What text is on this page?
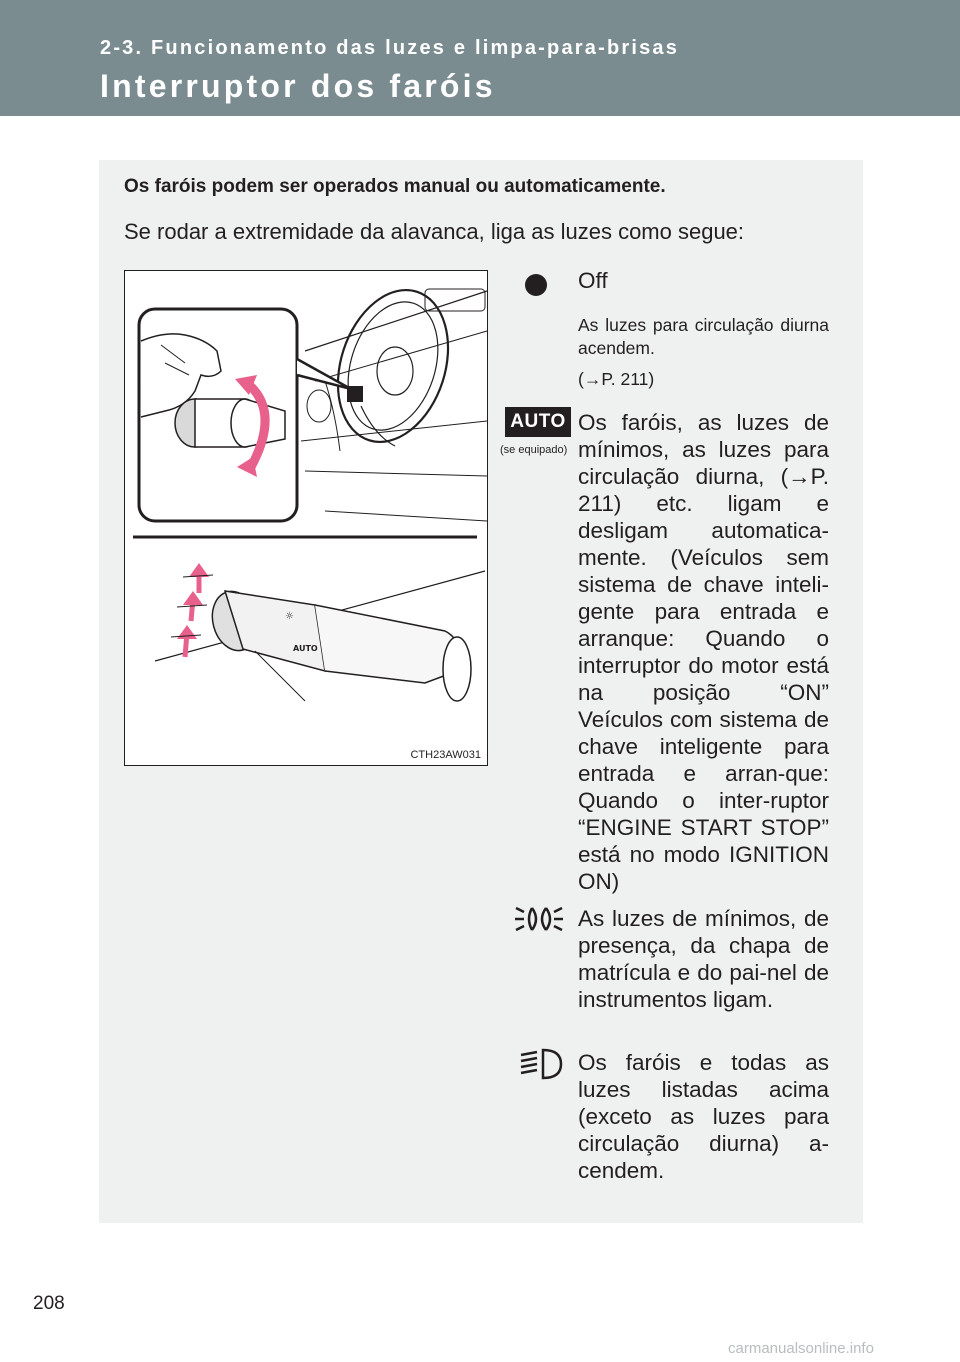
2-3. Funcionamento das luzes e limpa-para-brisas
Interruptor dos faróis
Os faróis podem ser operados manual ou automaticamente.
Se rodar a extremidade da alavanca, liga as luzes como segue:
☼
AUTO
CTH23AW031
Off
As luzes para circulação diurna acendem.
(→P. 211)
AUTO
(se equipado)
Os faróis, as luzes de mínimos, as luzes para circulação diurna, (→P. 211) etc. ligam e desligam automatica-mente. (Veículos sem sistema de chave inteli-gente para entrada e arranque: Quando o interruptor do motor está na posição “ON” Veículos com sistema de chave inteligente para entrada e arran-que: Quando o inter-ruptor “ENGINE START STOP” está no modo IGNITION ON)
As luzes de mínimos, de presença, da chapa de matrícula e do pai-nel de instrumentos ligam.
Os faróis e todas as luzes listadas acima (exceto as luzes para circulação diurna) a-cendem.
208
carmanualsonline.info
